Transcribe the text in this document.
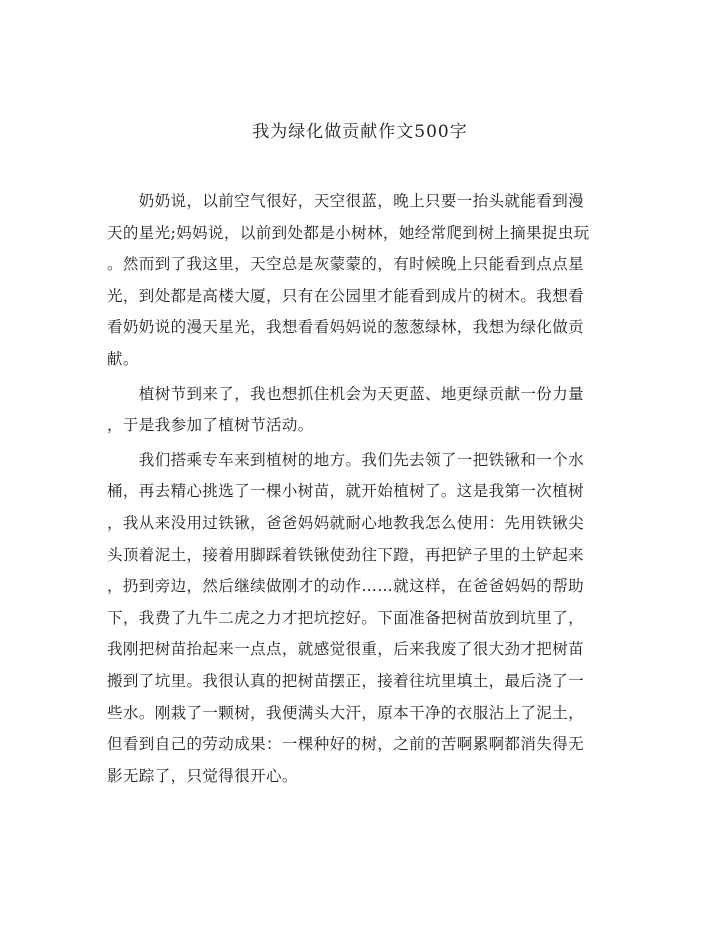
我为绿化做贡献作文500字
　　奶奶说，以前空气很好，天空很蓝，晚上只要一抬头就能看到漫
天的星光;妈妈说，以前到处都是小树林，她经常爬到树上摘果捉虫玩
。然而到了我这里，天空总是灰蒙蒙的，有时候晚上只能看到点点星
光，到处都是高楼大厦，只有在公园里才能看到成片的树木。我想看
看奶奶说的漫天星光，我想看看妈妈说的葱葱绿林，我想为绿化做贡
献。
　　植树节到来了，我也想抓住机会为天更蓝、地更绿贡献一份力量
，于是我参加了植树节活动。
　　我们搭乘专车来到植树的地方。我们先去领了一把铁锹和一个水
桶，再去精心挑选了一棵小树苗，就开始植树了。这是我第一次植树
，我从来没用过铁锹，爸爸妈妈就耐心地教我怎么使用：先用铁锹尖
头顶着泥土，接着用脚踩着铁锹使劲往下蹬，再把铲子里的土铲起来
，扔到旁边，然后继续做刚才的动作……就这样，在爸爸妈妈的帮助
下，我费了九牛二虎之力才把坑挖好。下面准备把树苗放到坑里了，
我刚把树苗抬起来一点点，就感觉很重，后来我废了很大劲才把树苗
搬到了坑里。我很认真的把树苗摆正，接着往坑里填土，最后浇了一
些水。刚栽了一颗树，我便满头大汗，原本干净的衣服沾上了泥土，
但看到自己的劳动成果：一棵种好的树，之前的苦啊累啊都消失得无
影无踪了，只觉得很开心。
